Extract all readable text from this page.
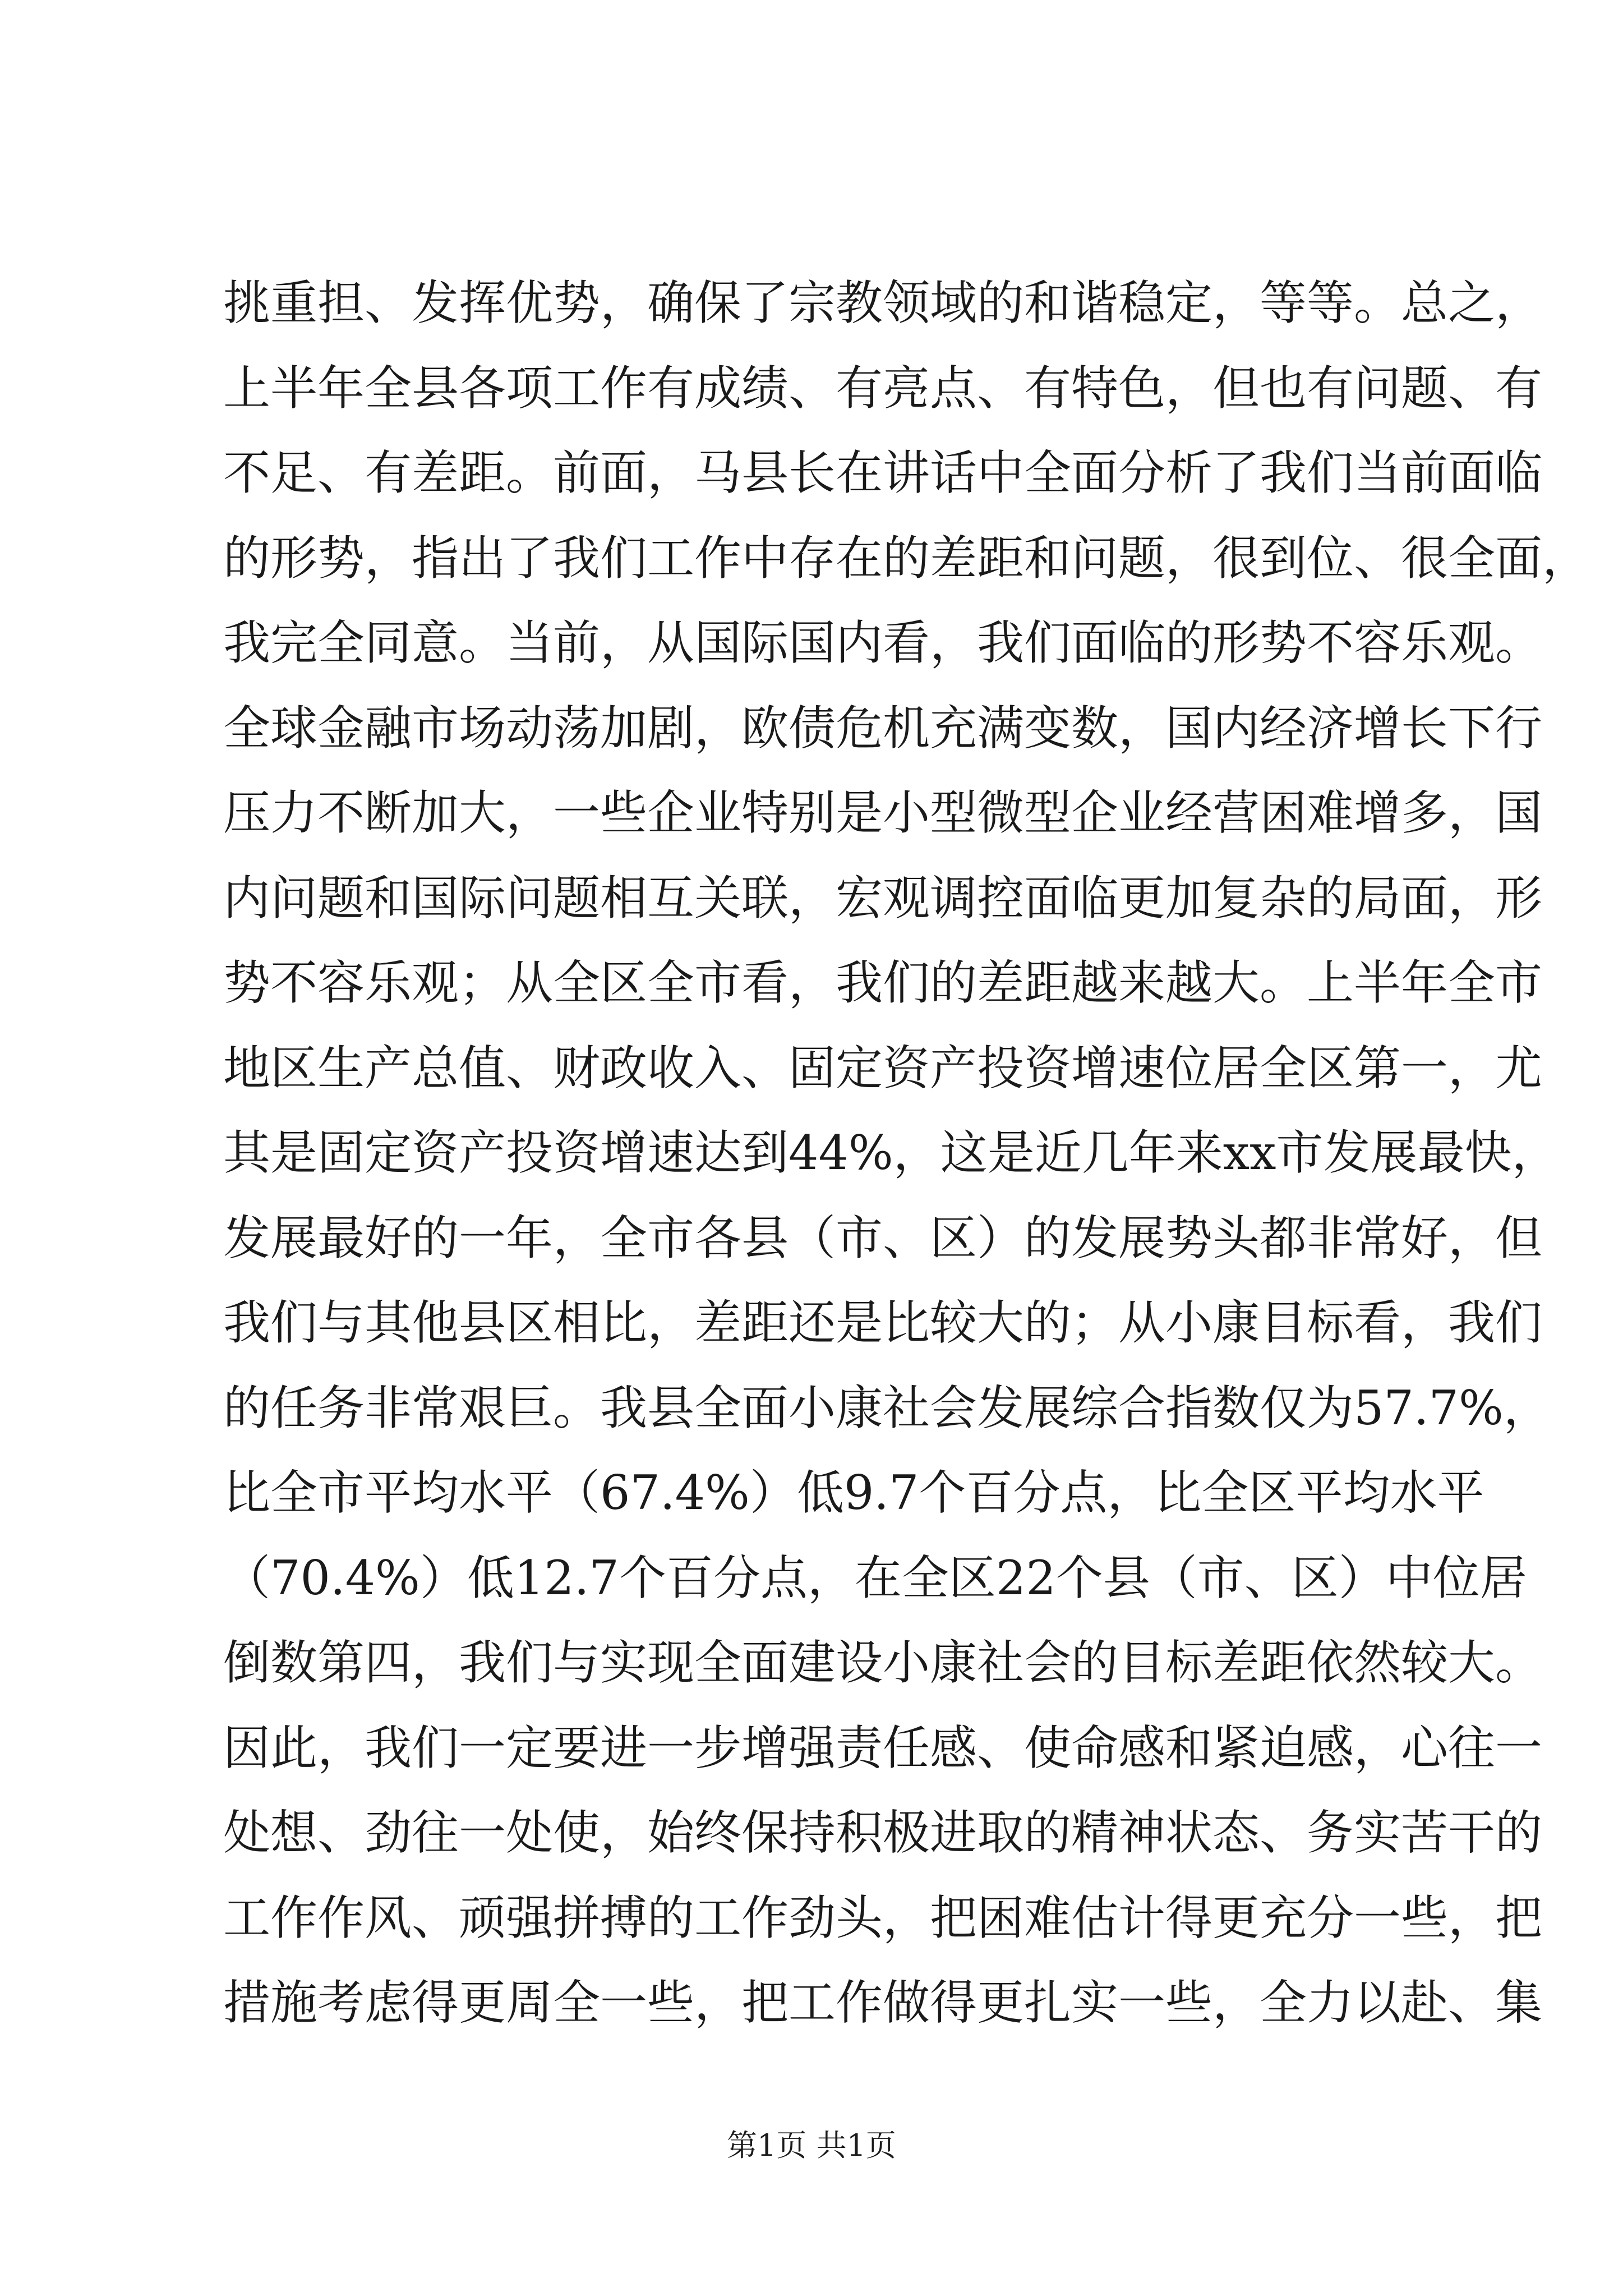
挑重担、发挥优势，确保了宗教领域的和谐稳定，等等。总之，
上半年全县各项工作有成绩、有亮点、有特色，但也有问题、有
不足、有差距。前面，马县长在讲话中全面分析了我们当前面临
的形势，指出了我们工作中存在的差距和问题，很到位、很全面，
我完全同意。当前，从国际国内看，我们面临的形势不容乐观。
全球金融市场动荡加剧，欧债危机充满变数，国内经济增长下行
压力不断加大，一些企业特别是小型微型企业经营困难增多，国
内问题和国际问题相互关联，宏观调控面临更加复杂的局面，形
势不容乐观；从全区全市看，我们的差距越来越大。上半年全市
地区生产总值、财政收入、固定资产投资增速位居全区第一，尤
其是固定资产投资增速达到44%，这是近几年来xx市发展最快，
发展最好的一年，全市各县（市、区）的发展势头都非常好，但
我们与其他县区相比，差距还是比较大的；从小康目标看，我们
的任务非常艰巨。我县全面小康社会发展综合指数仅为57.7%，
比全市平均水平（67.4%）低9.7个百分点，比全区平均水平
（70.4%）低12.7个百分点，在全区22个县（市、区）中位居
倒数第四，我们与实现全面建设小康社会的目标差距依然较大。
因此，我们一定要进一步增强责任感、使命感和紧迫感，心往一
处想、劲往一处使，始终保持积极进取的精神状态、务实苦干的
工作作风、顽强拼搏的工作劲头，把困难估计得更充分一些，把
措施考虑得更周全一些，把工作做得更扎实一些，全力以赴、集
第1页 共1页
